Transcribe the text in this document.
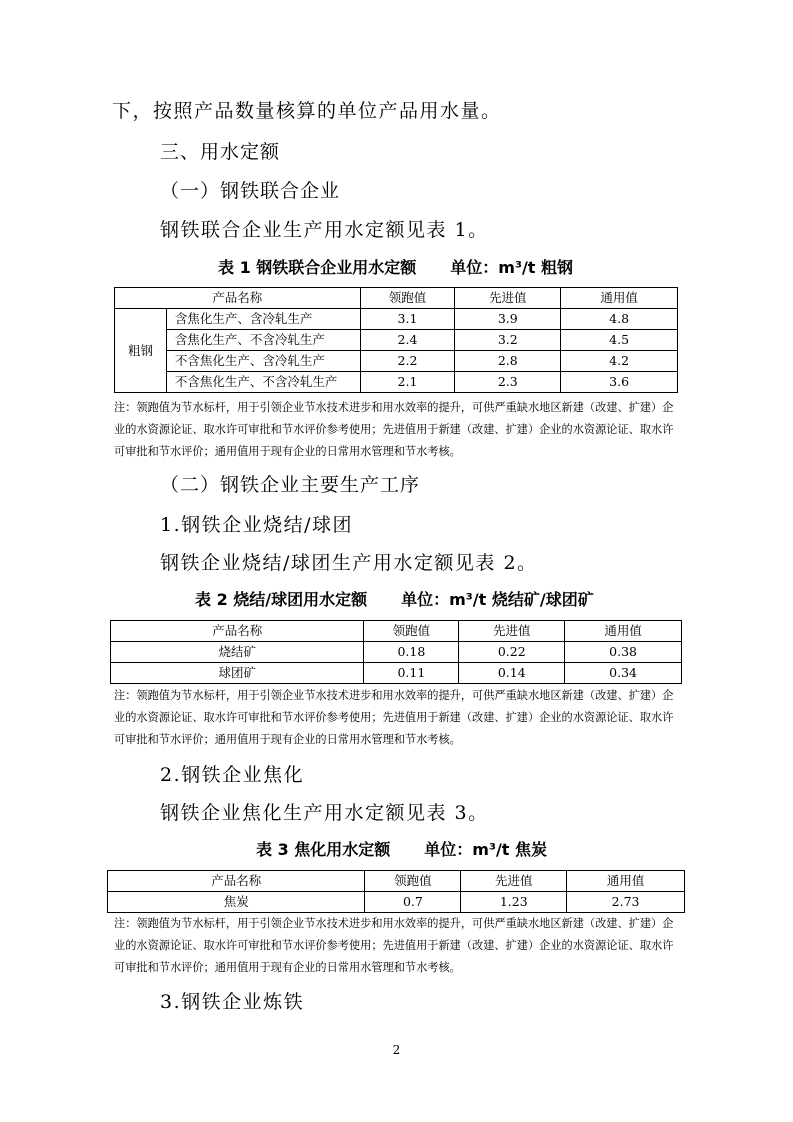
下，按照产品数量核算的单位产品用水量。
三、用水定额
（一）钢铁联合企业
钢铁联合企业生产用水定额见表 1。
表 1 钢铁联合企业用水定额 单位：m³/t 粗钢
产品名称		领跑值	先进值	通用值
粗钢	含焦化生产、含冷轧生产	3.1	3.9	4.8
	含焦化生产、不含冷轧生产	2.4	3.2	4.5
	不含焦化生产、含冷轧生产	2.2	2.8	4.2
	不含焦化生产、不含冷轧生产	2.1	2.3	3.6
注：领跑值为节水标杆，用于引领企业节水技术进步和用水效率的提升，可供严重缺水地区新建（改建、扩建）企业的水资源论证、取水许可审批和节水评价参考使用；先进值用于新建（改建、扩建）企业的水资源论证、取水许可审批和节水评价；通用值用于现有企业的日常用水管理和节水考核。
（二）钢铁企业主要生产工序
1.钢铁企业烧结/球团
钢铁企业烧结/球团生产用水定额见表 2。
表 2 烧结/球团用水定额 单位：m³/t 烧结矿/球团矿
产品名称	领跑值	先进值	通用值
烧结矿	0.18	0.22	0.38
球团矿	0.11	0.14	0.34
注：领跑值为节水标杆，用于引领企业节水技术进步和用水效率的提升，可供严重缺水地区新建（改建、扩建）企业的水资源论证、取水许可审批和节水评价参考使用；先进值用于新建（改建、扩建）企业的水资源论证、取水许可审批和节水评价；通用值用于现有企业的日常用水管理和节水考核。
2.钢铁企业焦化
钢铁企业焦化生产用水定额见表 3。
表 3 焦化用水定额 单位：m³/t 焦炭
产品名称	领跑值	先进值	通用值
焦炭	0.7	1.23	2.73
注：领跑值为节水标杆，用于引领企业节水技术进步和用水效率的提升，可供严重缺水地区新建（改建、扩建）企业的水资源论证、取水许可审批和节水评价参考使用；先进值用于新建（改建、扩建）企业的水资源论证、取水许可审批和节水评价；通用值用于现有企业的日常用水管理和节水考核。
3.钢铁企业炼铁
2
